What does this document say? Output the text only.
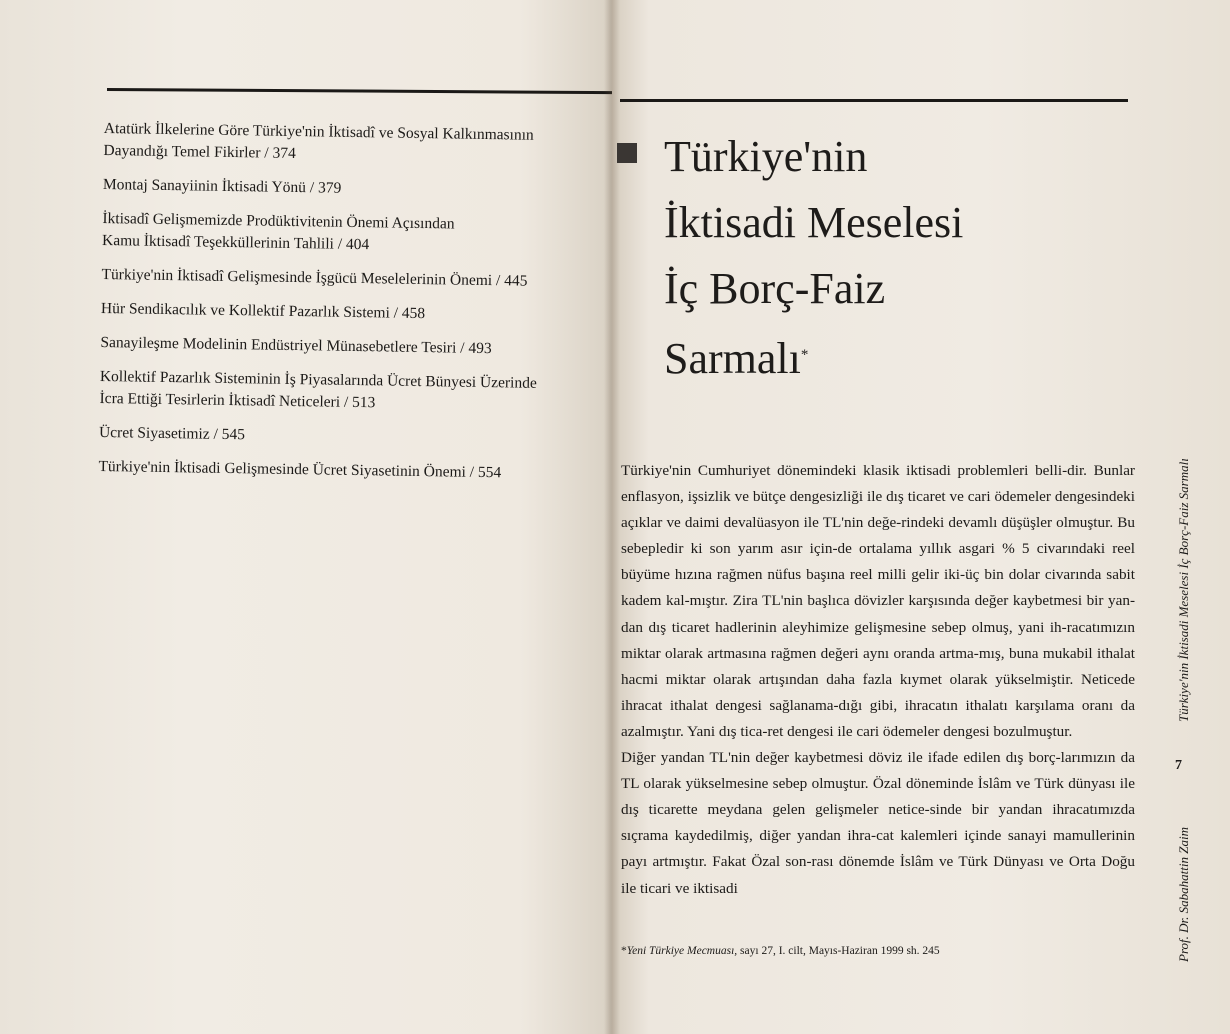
Atatürk İlkelerine Göre Türkiye'nin İktisadî ve Sosyal Kalkınmasının
Dayandığı Temel Fikirler / 374
Montaj Sanayiinin İktisadi Yönü / 379
İktisadî Gelişmemizde Prodüktivitenin Önemi Açısından
Kamu İktisadî Teşekküllerinin Tahlili / 404
Türkiye'nin İktisadî Gelişmesinde İşgücü Meselelerinin Önemi / 445
Hür Sendikacılık ve Kollektif Pazarlık Sistemi / 458
Sanayileşme Modelinin Endüstriyel Münasebetlere Tesiri / 493
Kollektif Pazarlık Sisteminin İş Piyasalarında Ücret Bünyesi Üzerinde
İcra Ettiği Tesirlerin İktisadî Neticeleri / 513
Ücret Siyasetimiz / 545
Türkiye'nin İktisadi Gelişmesinde Ücret Siyasetinin Önemi / 554
Türkiye'nin
İktisadi Meselesi
İç Borç-Faiz
Sarmalı*

Türkiye'nin Cumhuriyet dönemindeki klasik iktisadi problemleri belli-dir. Bunlar enflasyon, işsizlik ve bütçe dengesizliği ile dış ticaret ve cari ödemeler dengesindeki açıklar ve daimi devalüasyon ile TL'nin değe-rindeki devamlı düşüşler olmuştur. Bu sebepledir ki son yarım asır için-de ortalama yıllık asgari % 5 civarındaki reel büyüme hızına rağmen nüfus başına reel milli gelir iki-üç bin dolar civarında sabit kadem kal-mıştır. Zira TL'nin başlıca dövizler karşısında değer kaybetmesi bir yan-dan dış ticaret hadlerinin aleyhimize gelişmesine sebep olmuş, yani ih-racatımızın miktar olarak artmasına rağmen değeri aynı oranda artma-mış, buna mukabil ithalat hacmi miktar olarak artışından daha fazla kıymet olarak yükselmiştir. Neticede ihracat ithalat dengesi sağlanama-dığı gibi, ihracatın ithalatı karşılama oranı da azalmıştır. Yani dış tica-ret dengesi ile cari ödemeler dengesi bozulmuştur.

Diğer yandan TL'nin değer kaybetmesi döviz ile ifade edilen dış borç-larımızın da TL olarak yükselmesine sebep olmuştur. Özal döneminde İslâm ve Türk dünyası ile dış ticarette meydana gelen gelişmeler netice-sinde bir yandan ihracatımızda sıçrama kaydedilmiş, diğer yandan ihra-cat kalemleri içinde sanayi mamullerinin payı artmıştır. Fakat Özal son-rası dönemde İslâm ve Türk Dünyası ve Orta Doğu ile ticari ve iktisadi

*Yeni Türkiye Mecmuası, sayı 27, I. cilt, Mayıs-Haziran 1999 sh. 245
Türkiye'nin İktisadi Meselesi İç Borç-Faiz Sarmalı
7
Prof. Dr. Sabahattin Zaim
